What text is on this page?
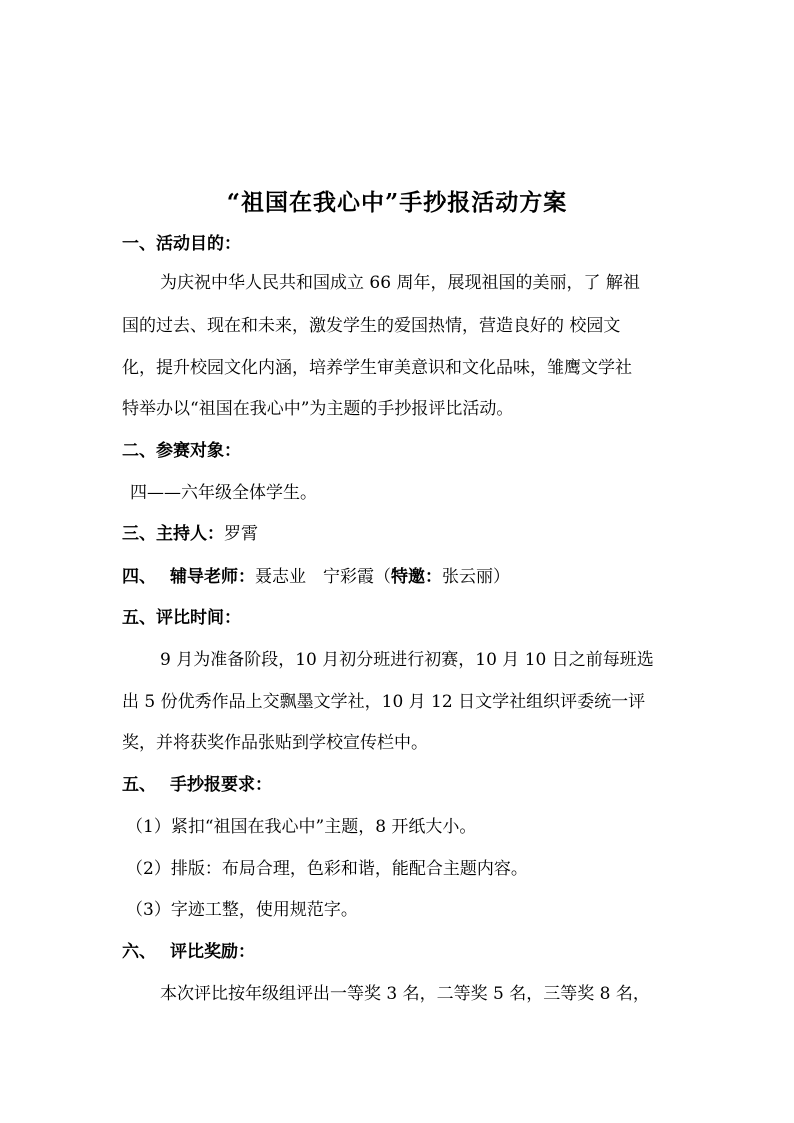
“祖国在我心中”手抄报活动方案
一、活动目的：
为庆祝中华人民共和国成立 66 周年，展现祖国的美丽，了 解祖
国的过去、现在和未来，激发学生的爱国热情，营造良好的 校园文
化，提升校园文化内涵，培养学生审美意识和文化品味，雏鹰文学社
特举办以“祖国在我心中”为主题的手抄报评比活动。
二、参赛对象：
四——六年级全体学生。
三、主持人：罗霄
四、 辅导老师：聂志业　宁彩霞（特邀：张云丽）
五、评比时间：
9 月为准备阶段，10 月初分班进行初赛，10 月 10 日之前每班选
出 5 份优秀作品上交飘墨文学社，10 月 12 日文学社组织评委统一评
奖，并将获奖作品张贴到学校宣传栏中。
五、 手抄报要求：
（1）紧扣“祖国在我心中”主题，8 开纸大小。
（2）排版：布局合理，色彩和谐，能配合主题内容。
（3）字迹工整，使用规范字。
六、 评比奖励：
本次评比按年级组评出一等奖 3 名，二等奖 5 名，三等奖 8 名，
